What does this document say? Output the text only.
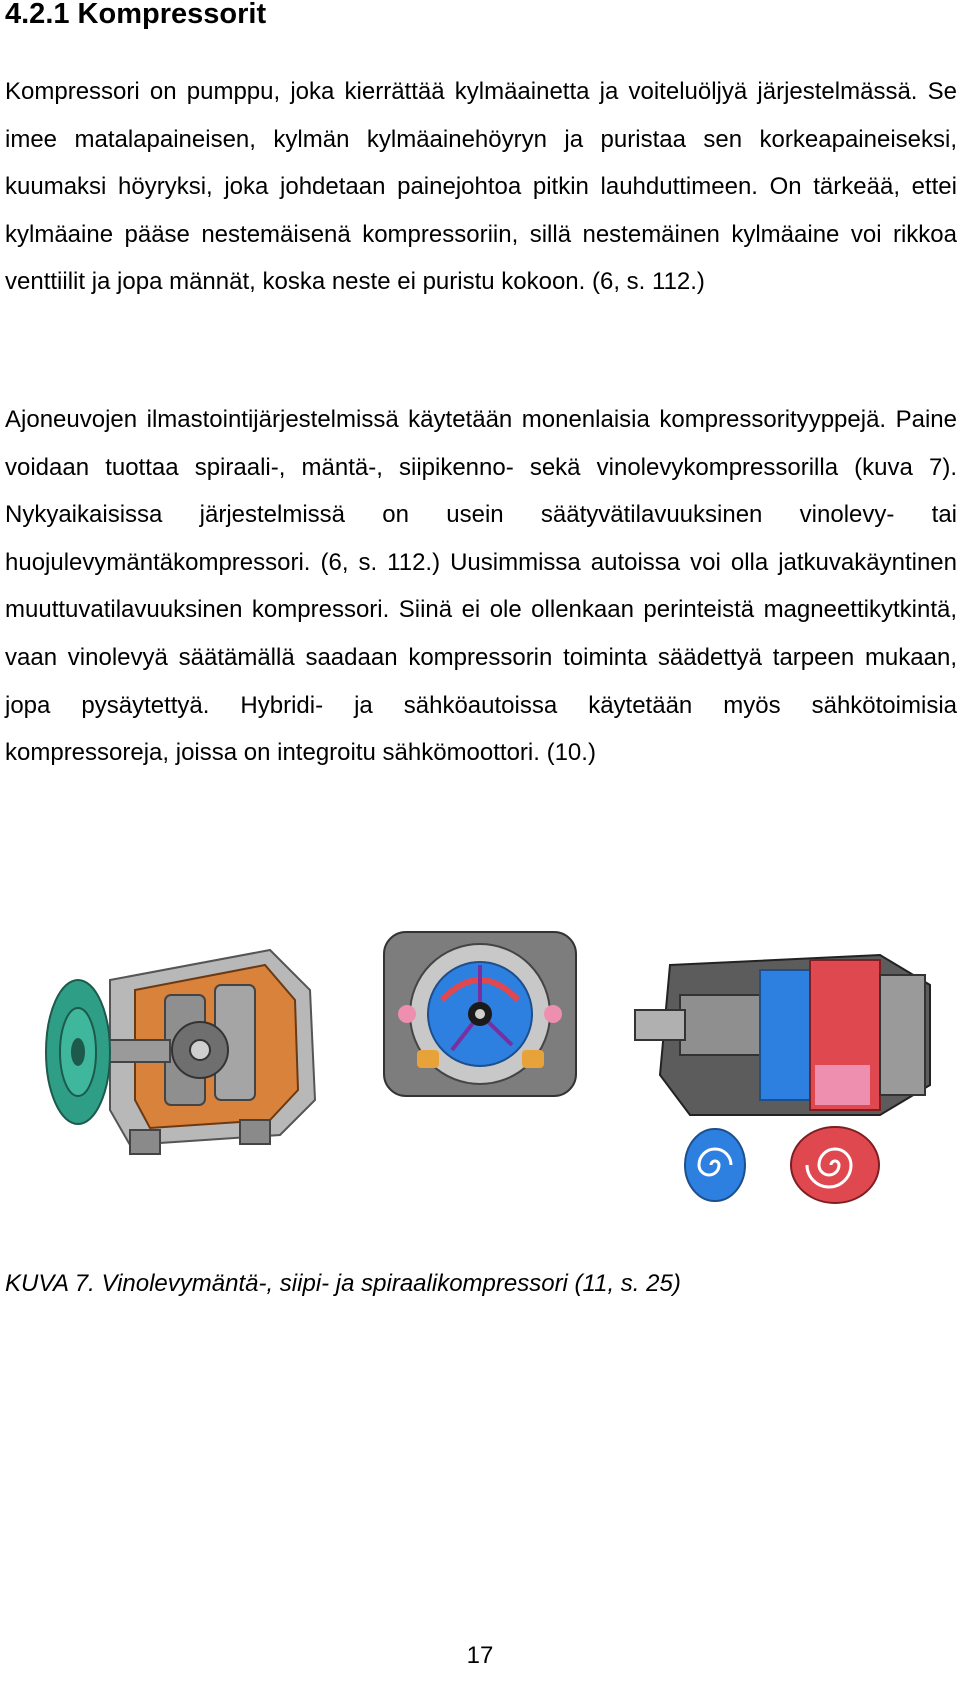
4.2.1 Kompressorit

Kompressori on pumppu, joka kierrättää kylmäainetta ja voiteluöljyä järjestelmässä. Se imee matalapaineisen, kylmän kylmäainehöyryn ja puristaa sen korkeapaineiseksi, kuumaksi höyryksi, joka johdetaan painejohtoa pitkin lauhduttimeen. On tärkeää, ettei kylmäaine pääse nestemäisenä kompressoriin, sillä nestemäinen kylmäaine voi rikkoa venttiilit ja jopa männät, koska neste ei puristu kokoon. (6, s. 112.)

Ajoneuvojen ilmastointijärjestelmissä käytetään monenlaisia kompressorityyppejä. Paine voidaan tuottaa spiraali-, mäntä-, siipikenno- sekä vinolevykompressorilla (kuva 7). Nykyaikaisissa järjestelmissä on usein säätyvätilavuuksinen vinolevy- tai huojulevymäntäkompressori. (6, s. 112.) Uusimmissa autoissa voi olla jatkuvakäyntinen muuttuvatilavuuksinen kompressori. Siinä ei ole ollenkaan perinteistä magneettikytkintä, vaan vinolevyä säätämällä saadaan kompressorin toiminta säädettyä tarpeen mukaan, jopa pysäytettyä. Hybridi- ja sähköautoissa käytetään myös sähkötoimisia kompressoreja, joissa on integroitu sähkömoottori. (10.)

KUVA 7. Vinolevymäntä-, siipi- ja spiraalikompressori (11, s. 25)

17
